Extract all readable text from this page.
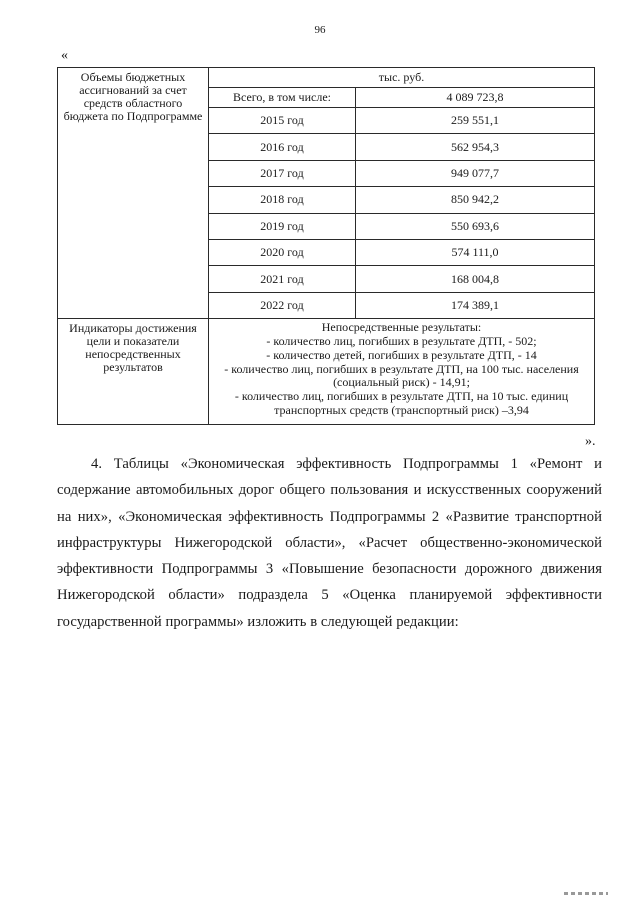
96
«
Объемы бюджетных ассигнований за счет средств областного бюджета по Подпрограмме	
тыс. руб.
Всего, в том числе:	4 089 723,8
2015 год	259 551,1
2016 год	562 954,3
2017 год	949 077,7
2018 год	850 942,2
2019 год	550 693,6
2020 год	574 111,0
2021 год	168 004,8
2022 год	174 389,1

Индикаторы достижения цели и показатели непосредственных результатов	
Непосредственные результаты:
- количество лиц, погибших в результате ДТП, - 502;
- количество детей, погибших в результате ДТП, - 14
- количество лиц, погибших в результате ДТП, на 100 тыс. населения (социальный риск) - 14,91;
- количество лиц, погибших в результате ДТП, на 10 тыс. единиц транспортных средств (транспортный риск) –3,94
».
4. Таблицы «Экономическая эффективность Подпрограммы 1 «Ремонт и содержание автомобильных дорог общего пользования и искусственных сооружений на них», «Экономическая эффективность Подпрограммы 2 «Развитие транспортной инфраструктуры Нижегородской области», «Расчет общественно-экономической эффективности Подпрограммы 3 «Повышение безопасности дорожного движения Нижегородской области» подраздела 5 «Оценка планируемой эффективности государственной программы» изложить в следующей редакции:
